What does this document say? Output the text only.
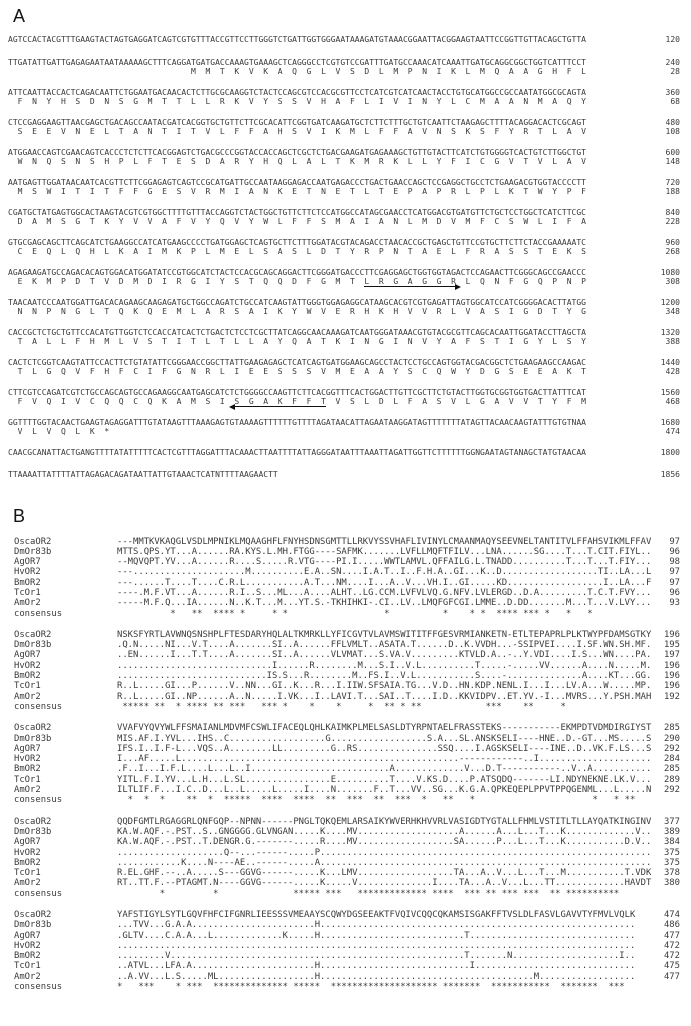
A
AGTCCACTACGTTTGAAGTACTAGTGAGGATCAGTCGTGTTTACCGTTCCTTGGGTCTGATTGGTGGGAATAAAGATGTAAACGGAATTACGGAAGTAATTCCGGTTGTTACAGCTGTTA	120
TTGATATTGATTGAGAGAATAATAAAAAGCTTTCAGGATGATGACCAAAGTGAAAGCTCAGGGCCTCGTGTCCGATTTGATGCCAAACATCAAATTGATGCAGGCGGCTGGTCATTTCCT	240
M  M  T  K  V  K  A  Q  G  L  V  S  D  L  M  P  N  I  K  L  M  Q  A  A  G  H  F  L	28
ATTCAATTACCACTCAGACAATTCTGGAATGACAACACTCTTGCGCAAGGTCTACTCCAGCGTCCACGCGTTCCTCATCGTCATCAACTACCTGTGCATGGCCGCCAATATGGCGCAGTA	360
F  N  Y  H  S  D  N  S  G  M  T  T  L  L  R  K  V  Y  S  S  V  H  A  F  L  I  V  I  N  Y  L  C  M  A  A  N  M  A  Q  Y	68
CTCCGAGGAAGTTAACGAGCTGACAGCCAATACGATCACGGTGCTGTTCTTCGCACATTCGGTGATCAAGATGCTCTTCTTTGCTGTCAATTCTAAGAGCTTTTACAGGACACTCGCAGT	480
S  E  E  V  N  E  L  T  A  N  T  I  T  V  L  F  F  A  H  S  V  I  K  M  L  F  F  A  V  N  S  K  S  F  Y  R  T  L  A  V	108
ATGGAACCAGTCGAACAGTCACCCTCTCTTCACGGAGTCTGACGCCCGGTACCACCAGCTCGCTCTGACGAAGATGAGAAAGCTGTTGTACTTCATCTGTGGGGTCACTGTCTTGGCTGT	600
W  N  Q  S  N  S  H  P  L  F  T  E  S  D  A  R  Y  H  Q  L  A  L  T  K  M  R  K  L  L  Y  F  I  C  G  V  T  V  L  A  V	148
AATGAGTTGGATAACAATCACGTTCTTCGGAGAGTCAGTCCGCATGATTGCCAATAAGGAGACCAATGAGACCCTGACTGAACCAGCTCCGAGGCTGCCTCTGAAGACGTGGTACCCCTT	720
M  S  W  I  T  I  T  F  F  G  E  S  V  R  M  I  A  N  K  E  T  N  E  T  L  T  E  P  A  P  R  L  P  L  K  T  W  Y  P  F	188
CGATGCTATGAGTGGCACTAAGTACGTCGTGGCTTTTGTTTACCAGGTCTACTGGCTGTTCTTCTCCATGGCCATAGCGAACCTCATGGACGTGATGTTCTGCTCCTGGCTCATCTTCGC	840
D  A  M  S  G  T  K  Y  V  V  A  F  V  Y  Q  V  Y  W  L  F  F  S  M  A  I  A  N  L  M  D  V  M  F  C  S  W  L  I  F  A	228
GTGCGAGCAGCTTCAGCATCTGAAGGCCATCATGAAGCCCCTGATGGAGCTCAGTGCTTCTTTGGATACGTACAGACCTAACACCGCTGAGCTGTTCCGTGCTTCTTCTACCGAAAAATC	960
C  E  Q  L  Q  H  L  K  A  I  M  K  P  L  M  E  L  S  A  S  L  D  T  Y  R  P  N  T  A  E  L  F  R  A  S  S  T  E  K  S	268
AGAGAAGATGCCAGACACAGTGGACATGGATATCCGTGGCATCTACTCCACGCAGCAGGACTTCGGGATGACCCTTCGAGGAGCTGGTGGTAGACTCCAGAACTTCGGGCAGCCGAACCC	1080
E  K  M  P  D  T  V  D  M  D  I  R  G  I  Y  S  T  Q  Q  D  F  G  M  T  L  R  G  A  G  G  R  L  Q  N  F  G  Q  P  N  P	308
TAACAATCCCAATGGATTGACACAGAAGCAAGAGATGCTGGCCAGATCTGCCATCAAGTATTGGGTGGAGAGGCATAAGCACGTCGTGAGATTAGTGGCATCCATCGGGGACACTTATGG	1200
N  N  P  N  G  L  T  Q  K  Q  E  M  L  A  R  S  A  I  K  Y  W  V  E  R  H  K  H  V  V  R  L  V  A  S  I  G  D  T  Y  G	348
CACCGCTCTGCTGTTCCACATGTTGGTCTCCACCATCACTCTGACTCTCCTCGCTTATCAGGCAACAAAGATCAATGGGATAAACGTGTACGCGTTCAGCACAATTGGATACCTTAGCTA	1320
T  A  L  L  F  H  M  L  V  S  T  I  T  L  T  L  L  A  Y  Q  A  T  K  I  N  G  I  N  V  Y  A  F  S  T  I  G  Y  L  S  Y	388
CACTCTCGGTCAAGTATTCCACTTCTGTATATTCGGGAACCGGCTTATTGAAGAGAGCTCATCAGTGATGGAAGCAGCCTACTCCTGCCAGTGGTACGACGGCTCTGAAGAAGCCAAGAC	1440
T  L  G  Q  V  F  H  F  C  I  F  G  N  R  L  I  E  E  S  S  S  V  M  E  A  A  Y  S  C  Q  W  Y  D  G  S  E  E  A  K  T	428
CTTCGTCCAGATCGTCTGCCAGCAGTGCCAGAAGGCAATGAGCATCTCTGGGGCCAAGTTCTTCACGGTTTCACTGGACTTGTTCGCTTCTGTACTTGGTGCGGTGGTGACTTATTTCAT	1560
F  V  Q  I  V  C  Q  Q  C  Q  K  A  M  S  I  S  G  A  K  F  F  T  V  S  L  D  L  F  A  S  V  L  G  A  V  V  T  Y  F  M	468
GGTTTTGGTACAACTGAAGTAGAGGATTTGTATAAGTTTAAAGAGTGTAAAAGTTTTTTGTTTTAGATAACATTAGAATAAGGATAGTTTTTTTATAGTTACAACAAGTATTTGTGTNAA	1680
V  L  V  Q  L  K  *	474
CAACGCANATTACTGANGTTTTATATTTTTCACTCGTTTAGGATTTACAAACTTAATTTTATTAGGGATAATTTAAATTAGATTGGTTCTTTTTTGGNGAATAGTANAGCTATGTAACAA	1800
TTAAAATTATTTTATTAGAGACAGATAATTATTGTAAACTCATNTTTTAAGAACTT	1856
B
OscaOR2	---MMTKVKAQGLVSDLMPNIKLMQAAGHFLFNYHSDNSGMTTLLRKVYSSVHAFLIVINYLCMAANMAQYSEEVNELTANTITVLFFAHSVIKMLFFAV	97
DmOr83b	MTTS.QPS.YT...A......RA.KYS.L.MH.FTGG----SAFMK.......LVFLLMQFTFILV...LNA......SG....T...T.CIT.FIYL..	96
AgOR7	--MQVQPT.YV...A......R....S.....R.VTG----PI.I.....WWTLAMVL.QFFAILG.L.TNADD..........T...T...T.FIY...	98
HvOR2	---.....................M..........E.A..SN....I.A.T..I..F.H.A..GI...K..D..................TI..LA...L	97
BmOR2	---......T....T....C.R.L...........A.T...NM....I...A..V...VH.I..GI.....KD..................I..LA...F	97
TcOr1	----.M.F.VT...A......R.I..S...ML...A....ALHT..LG.CCM.LVFVLVQ.G.NFV.LVLERGD..D.A.........T.C.T.FVY...	96
AmOr2	-----M.F.Q...IA......N..K.T...M...YT.S.-TKHIHKI-.CI..LV..LMQFGFCGI.LMME..D.DD.......M...T...V.LVY...	93
consensus	*   **  **** *     * *                  *          *    * *  **** *** *   *   *
OscaOR2	NSKSFYRTLAVWNQSNSHPLFTESDARYHQLALTKMRKLLYFICGVTVLAVMSWITITFFGESVRMIANKETN-ETLTEPAPRLPLKTWYPFDAMSGTKY	196
DmOr83b	.Q.N.....NI...V.T....A.......SI..A......FFLVMLT..ASATA.T......D..K.VVDH...-SSIPVEI....I.SF.WN.SH.MF.	195
AgOR7	..EN......I...T.T....A.......SI..A......VLVMAT...S.VA.V.........KTVLD.A..-..Y.VDI....I.S...WN....PA.	197
HvOR2	.............................I......R........M...S.I..V.L..........T.....-.....VV......A....N.....M.	196
BmOR2	............................IS.S...R........M..FS.I..V.L...........S....-..............A....KT...GG.	196
TcOr1	R..L.....GI...P......V..NN...GI..K...R...I.IIW.SFSAIA.TG...V.D..HN.KDP.NENL.I...I...LV.A...W.....MP.	196
AmOr2	R..L.....GI..NP......A..N.....I.VK...I..LAVI.T...SAI..T....I.D..KKVIDPV..ET.YV.-I...MVRS...Y.PSH.MAH	192
consensus	***** **  * **** ** ***   *** *    *    *     *  ** * **            ***    **     *
OscaOR2	VVAFVYQVYWLFFSMAIANLMDVMFCSWLIFACEQLQHLKAIMKPLMELSASLDTYRPNTAELFRASSTEKS-----------EKMPDTVDMDIRGIYST	285
DmOr83b	MIS.AF.I.YVL...IHS..C..................G..................S.A...SL.ANSKSELI----HNE..D.-GT...MS.....S	290
AgOR7	IFS.I..I.F-L...VQS..A........LL.........G..RS...............SSQ....I.AGSKSELI----INE..D..VK.F.LS...S	292
HvOR2	I...AF.....L....................................................------------..I.....................	284
BmOR2	.F..I...I.F.L....L...L..I..........................A.............V...D.T-----------..V..A...........	285
TcOr1	YITL.F.I.YV...L.H...L.SL................E..........T....V.KS.D....P.ATSQDQ-------LI.NDYNEKNE.LK.V...	289
AmOr2	ILTLIF.F...I.C..D...L..L.....L.....I....N.......F..T...VV..SG...K.G.A.QPKEQEPLPPVTPPQGENML...L.....N	292
consensus	*  *  *    **  *  *****  ****  ****  **  ***  **  ***  *   **   *                      *   * **
OscaOR2	QQDFGMTLRGAGGRLQNFGQP--NPNN------PNGLTQKQEMLARSAIKYWVERHKHVVRLVASIGDTYGTALLFHMLVSTITLTLLAYQATKINGINV	377
DmOr83b	KA.W.AQF.-.PST..S..GNGGGG.GLVNGAN.....K....MV...................A......A...L...T...K.............V..	389
AgOR7	KA.W.AQF.-.PST..T.DENGR.G.-------.....R....MV..................SA......P...L...T...K...........D.V..	384
HvOR2	....................Q--...------.....P..............................................................	375
BmOR2	............K....N----AE..------.....A..............................................................	375
TcOr1	R.EL.GHF.--..A.....S---GGVG------.....K...LMV..................TA...A..V...L...T...M...........T.VDK	378
AmOr2	RT..TT.F.--PTAGMT.N----GGVG------.....K.....V..............I....TA...A..V...L...TT.............HAVDT	380
consensus	*         *              ***** ***   ************* ****  *** ** *** ***  ** **********
OscaOR2	YAFSTIGYLSYTLGQVFHFCIFGNRLIEESSSVMEAAYSCQWYDGSEEAKTFVQIVCQQCQKAMSISGAKFFTVSLDLFASVLGAVVTYFMVLVQLK	474
DmOr83b	...TVV...G.A.A.......................H...........................................................	486
AgOR7	.GLTV....C.A.A...L.............K.....H...........................T...............................	477
HvOR2	.................................................................................................	472
BmOR2	.........V.......................................................T.......N....................I..	472
TcOr1	..ATVL...LFA.A.......................H............................I..............................	475
AmOr2	..A.VV...L.S.....ML..................H........................................M..................	477
consensus	*   ***    * ***  ************** *****  ******************** *******  ***********  *******  ***
